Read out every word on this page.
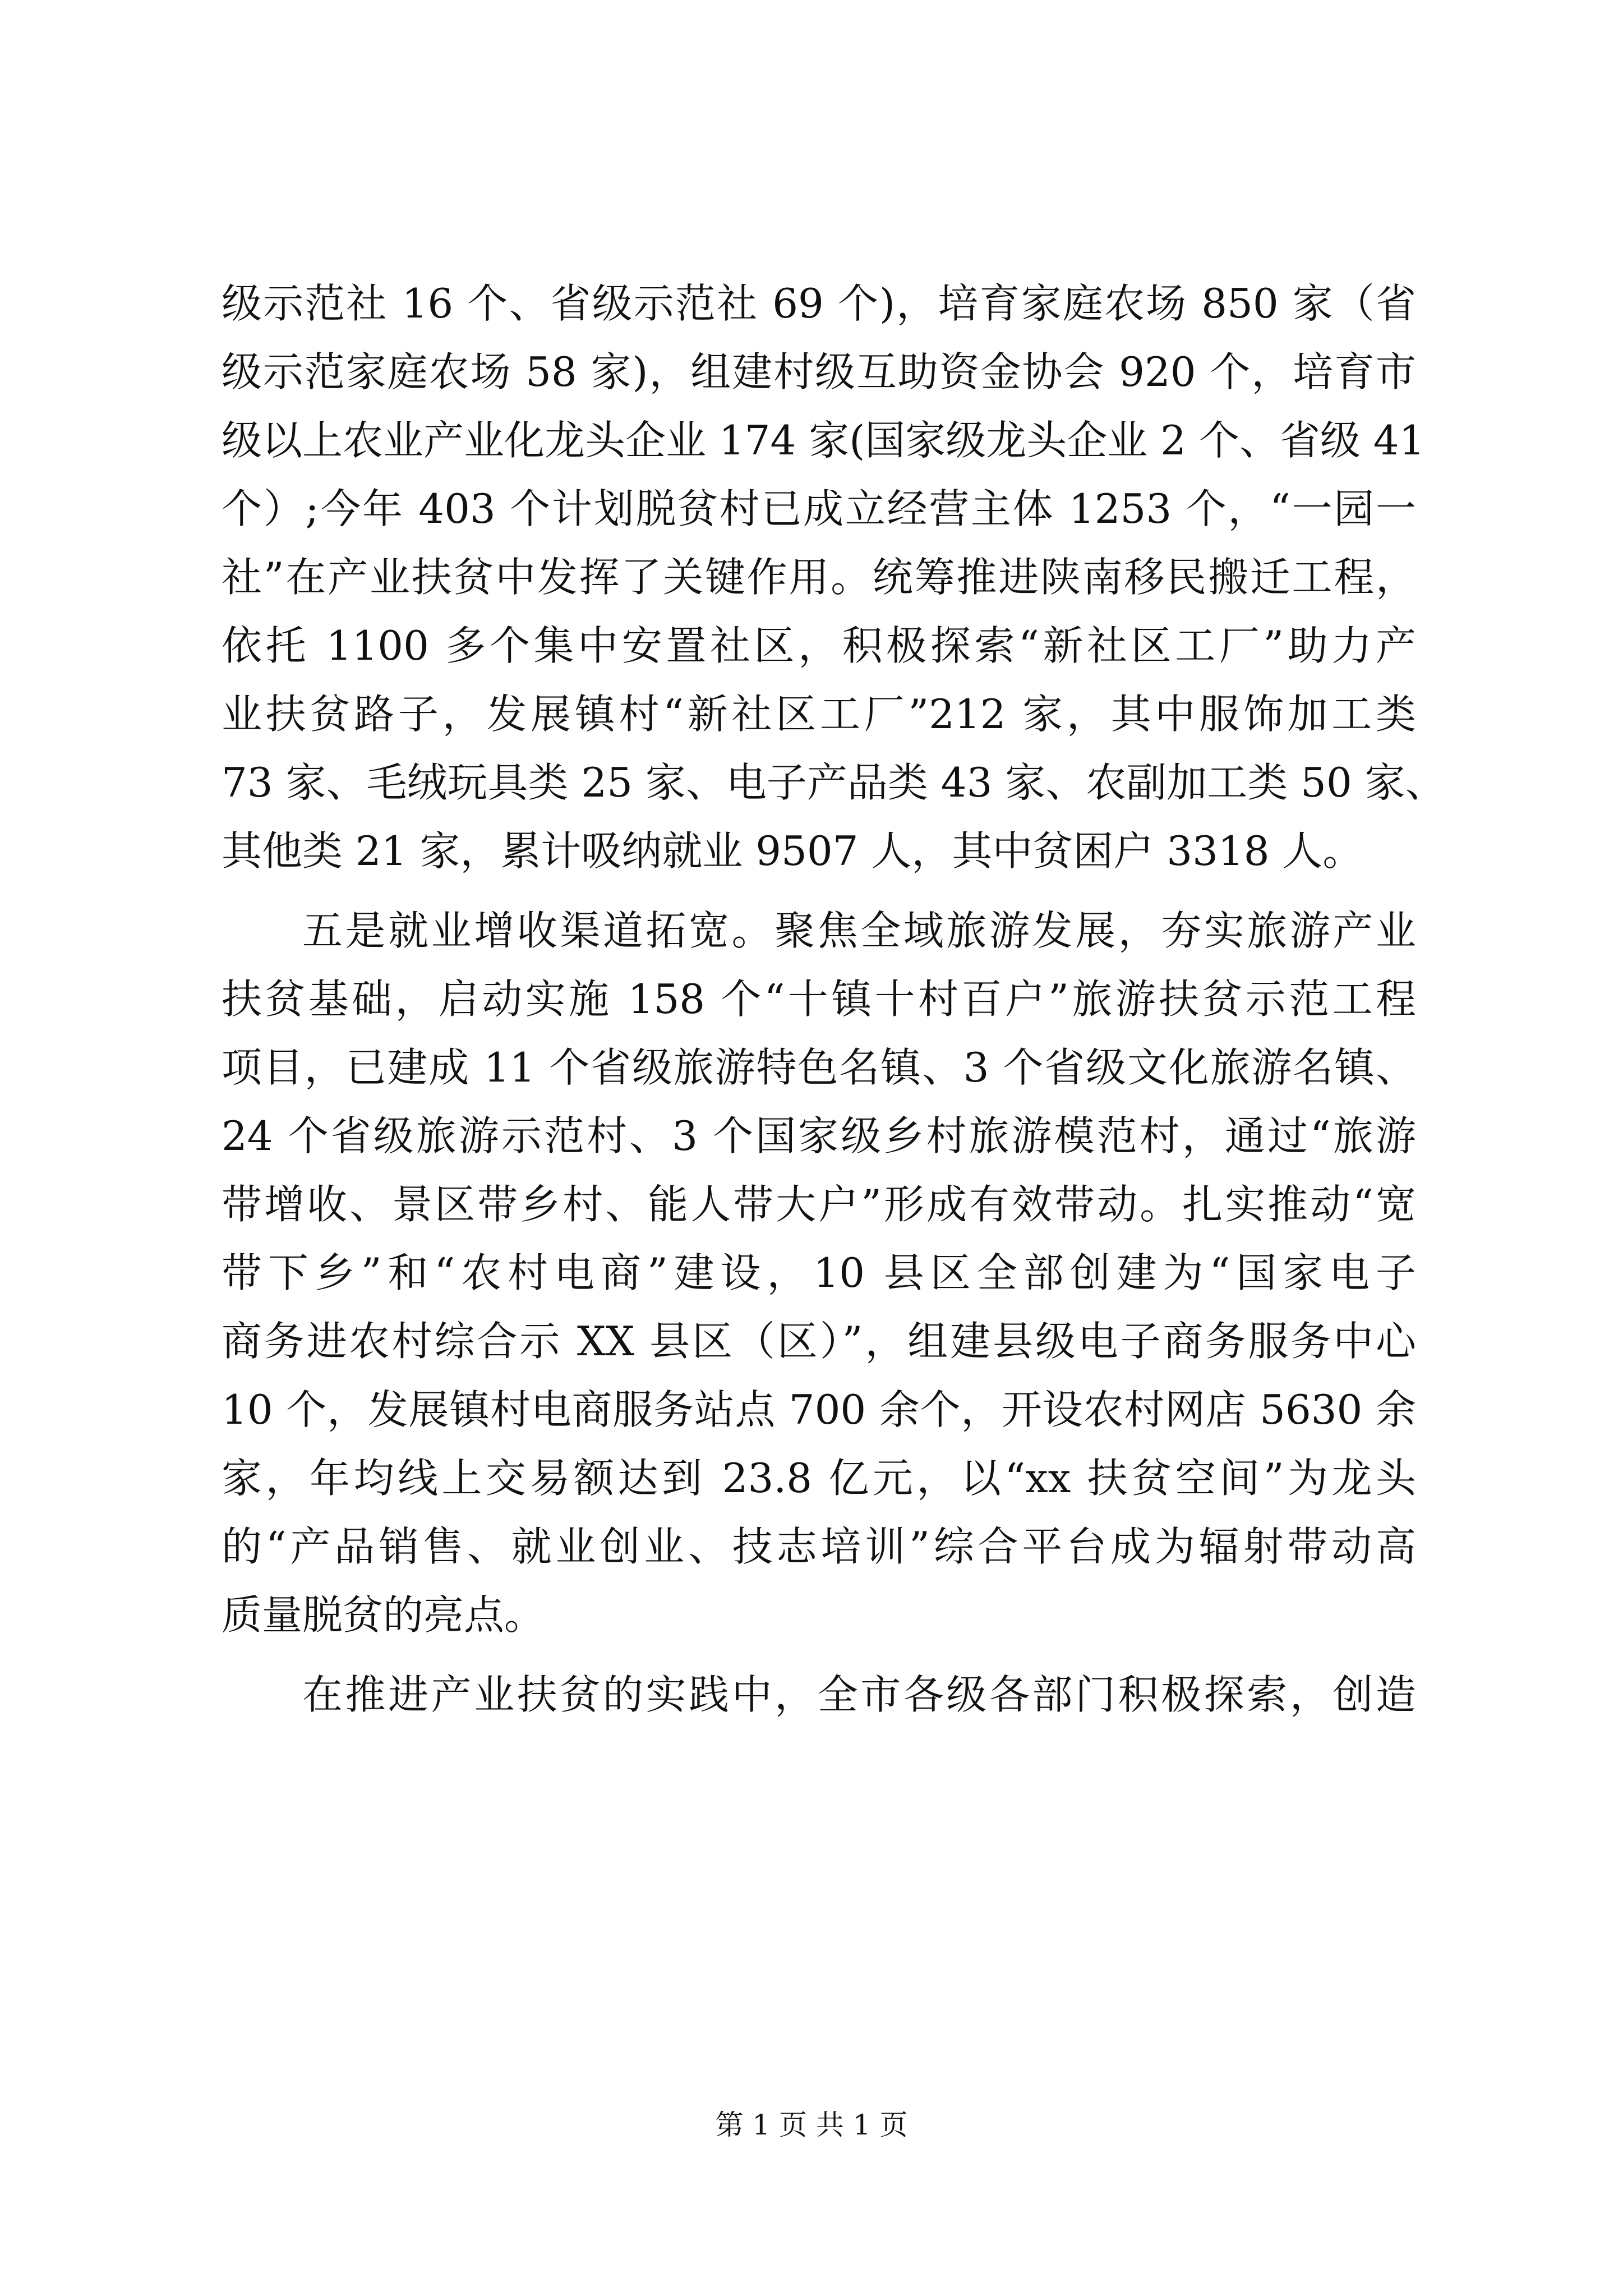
级示范社 16 个、省级示范社 69 个)，培育家庭农场 850 家（省
级示范家庭农场 58 家)，组建村级互助资金协会 920 个，培育市
级以上农业产业化龙头企业 174 家(国家级龙头企业 2 个、省级 41
个）;今年 403 个计划脱贫村已成立经营主体 1253 个，“一园一
社”在产业扶贫中发挥了关键作用。统筹推进陕南移民搬迁工程，
依托 1100 多个集中安置社区，积极探索“新社区工厂”助力产
业扶贫路子，发展镇村“新社区工厂”212 家，其中服饰加工类
73 家、毛绒玩具类 25 家、电子产品类 43 家、农副加工类 50 家、
其他类 21 家，累计吸纳就业 9507 人，其中贫困户 3318 人。
五是就业增收渠道拓宽。聚焦全域旅游发展，夯实旅游产业
扶贫基础，启动实施 158 个“十镇十村百户”旅游扶贫示范工程
项目，已建成 11 个省级旅游特色名镇、3 个省级文化旅游名镇、
24 个省级旅游示范村、3 个国家级乡村旅游模范村，通过“旅游
带增收、景区带乡村、能人带大户”形成有效带动。扎实推动“宽
带下乡”和“农村电商”建设，10 县区全部创建为“国家电子
商务进农村综合示 XX 县区（区）”，组建县级电子商务服务中心
10 个，发展镇村电商服务站点 700 余个，开设农村网店 5630 余
家，年均线上交易额达到 23.8 亿元，以“xx 扶贫空间”为龙头
的“产品销售、就业创业、技志培训”综合平台成为辐射带动高
质量脱贫的亮点。
在推进产业扶贫的实践中，全市各级各部门积极探索，创造
第 1 页 共 1 页
